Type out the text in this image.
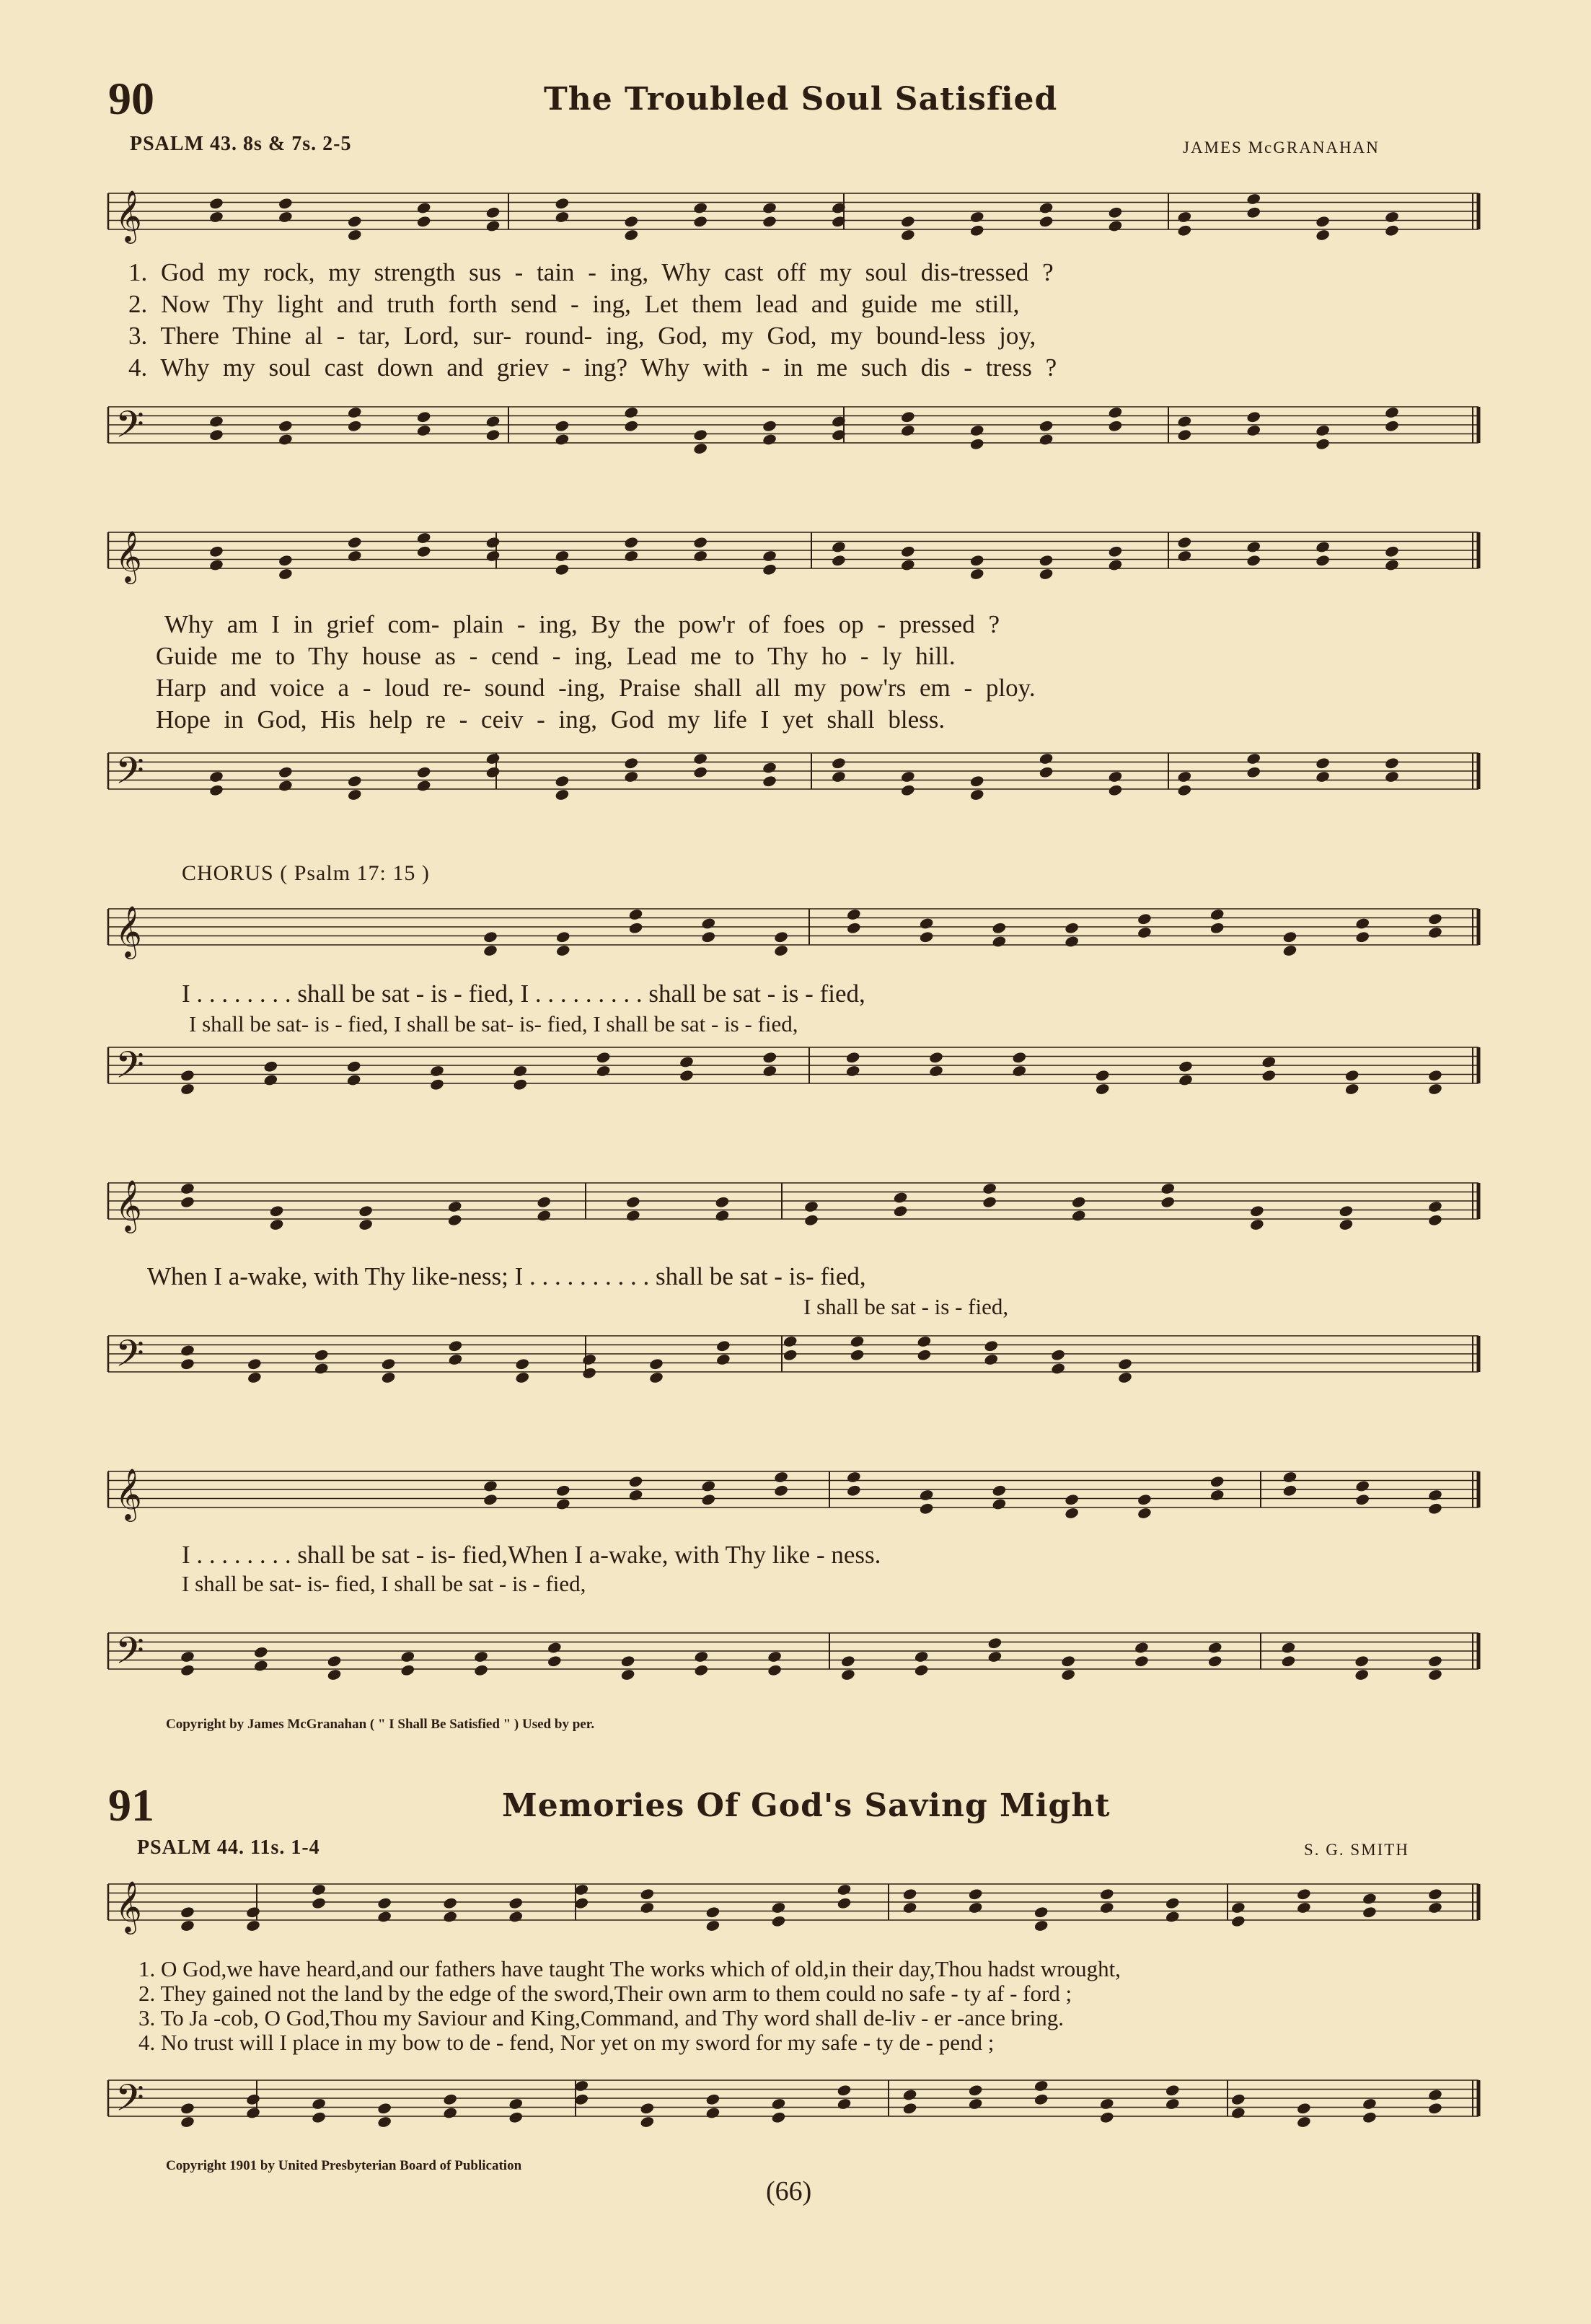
𝄞
𝄢
𝄞
𝄢
𝄞
𝄢
𝄞
𝄢
𝄞
𝄢
𝄞
𝄢
90	The Troubled Soul Satisfied
PSALM 43. 8s & 7s. 2-5	JAMES McGRANAHAN
1. God my rock, my strength sus - tain - ing, Why cast off my soul dis-tressed ?
2. Now Thy light and truth forth send - ing, Let them lead and guide me still,
3. There Thine al - tar, Lord, sur- round- ing, God, my God, my bound-less joy,
4. Why my soul cast down and griev - ing? Why with - in me such dis - tress ?
Why am I in grief com- plain - ing, By the pow'r of foes op - pressed ?
Guide me to Thy house as - cend - ing, Lead me to Thy ho - ly hill.
Harp and voice a - loud re- sound -ing, Praise shall all my pow'rs em - ploy.
Hope in God, His help re - ceiv - ing, God my life I yet shall bless.
CHORUS ( Psalm 17: 15 )
I . . . . . . . . shall be sat - is - fied, I . . . . . . . . . shall be sat - is - fied,
I shall be sat- is - fied, I shall be sat- is- fied, I shall be sat - is - fied,
When I a-wake, with Thy like-ness; I . . . . . . . . . . shall be sat - is- fied,
I shall be sat - is - fied,
I . . . . . . . . shall be sat - is- fied,When I a-wake, with Thy like - ness.
I shall be sat- is- fied, I shall be sat - is - fied,
Copyright by James McGranahan ( " I Shall Be Satisfied " ) Used by per.
91	Memories Of God's Saving Might
PSALM 44. 11s. 1-4	S. G. SMITH
1. O God,we have heard,and our fathers have taught The works which of old,in their day,Thou hadst wrought,
2. They gained not the land by the edge of the sword,Their own arm to them could no safe - ty af - ford ;
3. To Ja -cob, O God,Thou my Saviour and King,Command, and Thy word shall de-liv - er -ance bring.
4. No trust will I place in my bow to de - fend, Nor yet on my sword for my safe - ty de - pend ;
Copyright 1901 by United Presbyterian Board of Publication
(66)
